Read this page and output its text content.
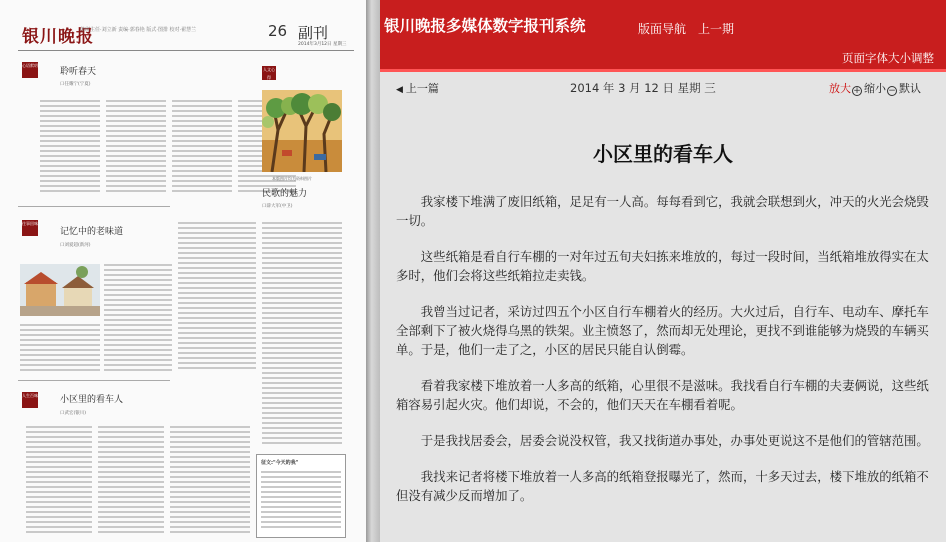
银川晚报
值班主任·刘立新 责编·郭春艳 版式·图排 校对·翟慧兰	26 副刊
2014年3月12日 星期三
心语絮叨
聆听春天
口任耀宁(宁夏)
人文心得
本版图片均为资料图片
民歌的魅力
口薛大军(中卫)
往事回味
记忆中的老味道
口刘爱超(新河)
人生百味 小区里的看车人
口武宏(银川)
征文:"今天的我"
银川晚报多媒体数字报刊系统	版面导航 上一期
页面字体大小调整
◀ 上一篇	2014 年 3 月 12 日 星期 三	放大 + 缩小 − 默认
小区里的看车人

我家楼下堆满了废旧纸箱，足足有一人高。每每看到它，我就会联想到火，冲天的火光会烧毁一切。

这些纸箱是看自行车棚的一对年过五旬夫妇拣来堆放的，每过一段时间，当纸箱堆放得实在太多时，他们会将这些纸箱拉走卖钱。

我曾当过记者，采访过四五个小区自行车棚着火的经历。大火过后，自行车、电动车、摩托车全部剩下了被火烧得乌黑的铁架。业主愤怒了，然而却无处理论，更找不到谁能够为烧毁的车辆买单。于是，他们一走了之，小区的居民只能自认倒霉。

看着我家楼下堆放着一人多高的纸箱，心里很不是滋味。我找看自行车棚的夫妻俩说，这些纸箱容易引起火灾。他们却说，不会的，他们天天在车棚看着呢。

于是我找居委会，居委会说没权管，我又找街道办事处，办事处更说这不是他们的管辖范围。

我找来记者将楼下堆放着一人多高的纸箱登报曝光了，然而，十多天过去，楼下堆放的纸箱不但没有减少反而增加了。
